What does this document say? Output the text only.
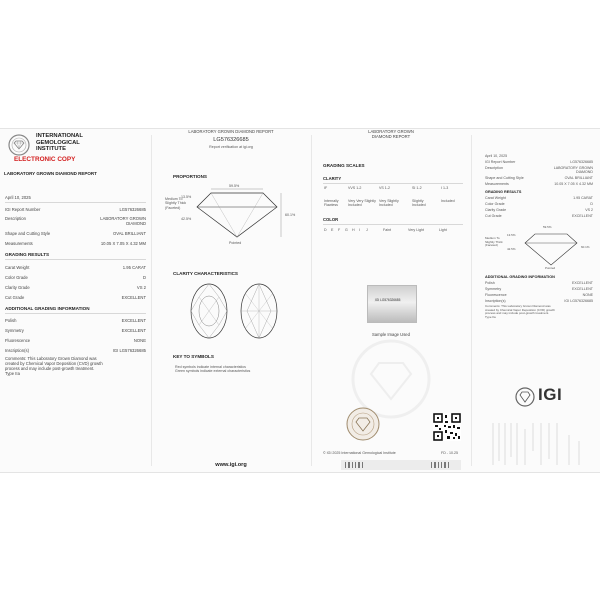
INTERNATIONAL
GEMOLOGICAL
INSTITUTE
ELECTRONIC COPY
LABORATORY GROWN DIAMOND REPORT
April 10, 2025
IGI Report Number	LG576326685
Description	LABORATORY GROWN DIAMOND
Shape and Cutting Style	OVAL BRILLIANT
Measurements	10.05 X 7.05 X 4.32 MM
GRADING RESULTS
Carat Weight	1.95 CARAT
Color Grade	D
Clarity Grade	VS 2
Cut Grade	EXCELLENT
ADDITIONAL GRADING INFORMATION
Polish	EXCELLENT
Symmetry	EXCELLENT
Fluorescence	NONE
Inscription(s)	IGI LG576326685
Comments: This Laboratory Grown Diamond was
created by Chemical Vapor Deposition (CVD) growth
process and may include post-growth treatment.
Type IIa
LABORATORY GROWN DIAMOND REPORT
LG576326685
Report verification at igi.org
PROPORTIONS
59.5%
13.5%
42.5%
60.1%
Medium To
Slightly Thick
(Faceted)
Pointed
CLARITY CHARACTERISTICS
KEY TO SYMBOLS
Red symbols indicate internal characteristics
Green symbols indicate external characteristics
www.igi.org
LABORATORY GROWN
DIAMOND REPORT
GRADING SCALES
CLARITY
IF	VVS 1-2	VS 1-2	SI 1-2	I 1-3
Internally Flawless
Very Very Slightly Included
Very Slightly Included
Slightly Included
Included
COLOR
D E F G H I J	Faint	Very Light	Light
IGI LG576326685
Sample Image Used
© IGI 2025 International Gemological Institute	FD - 10.25
April 10, 2025
IGI Report Number	LG576326685
Description	LABORATORY GROWN DIAMOND
Shape and Cutting Style	OVAL BRILLIANT
Measurements	10.05 X 7.05 X 4.32 MM
GRADING RESULTS
Carat Weight	1.95 CARAT
Color Grade	D
Clarity Grade	VS 2
Cut Grade	EXCELLENT
59.5%
13.5%
42.5%	60.1%
Medium To Slightly Thick (Faceted)
Pointed
ADDITIONAL GRADING INFORMATION
Polish	EXCELLENT
Symmetry	EXCELLENT
Fluorescence	NONE
Inscription(s)	IGI LG576326685
Comments: This Laboratory Grown Diamond was
created by Chemical Vapor Deposition (CVD) growth
process and may include post-growth treatment.
Type IIa
IGI
